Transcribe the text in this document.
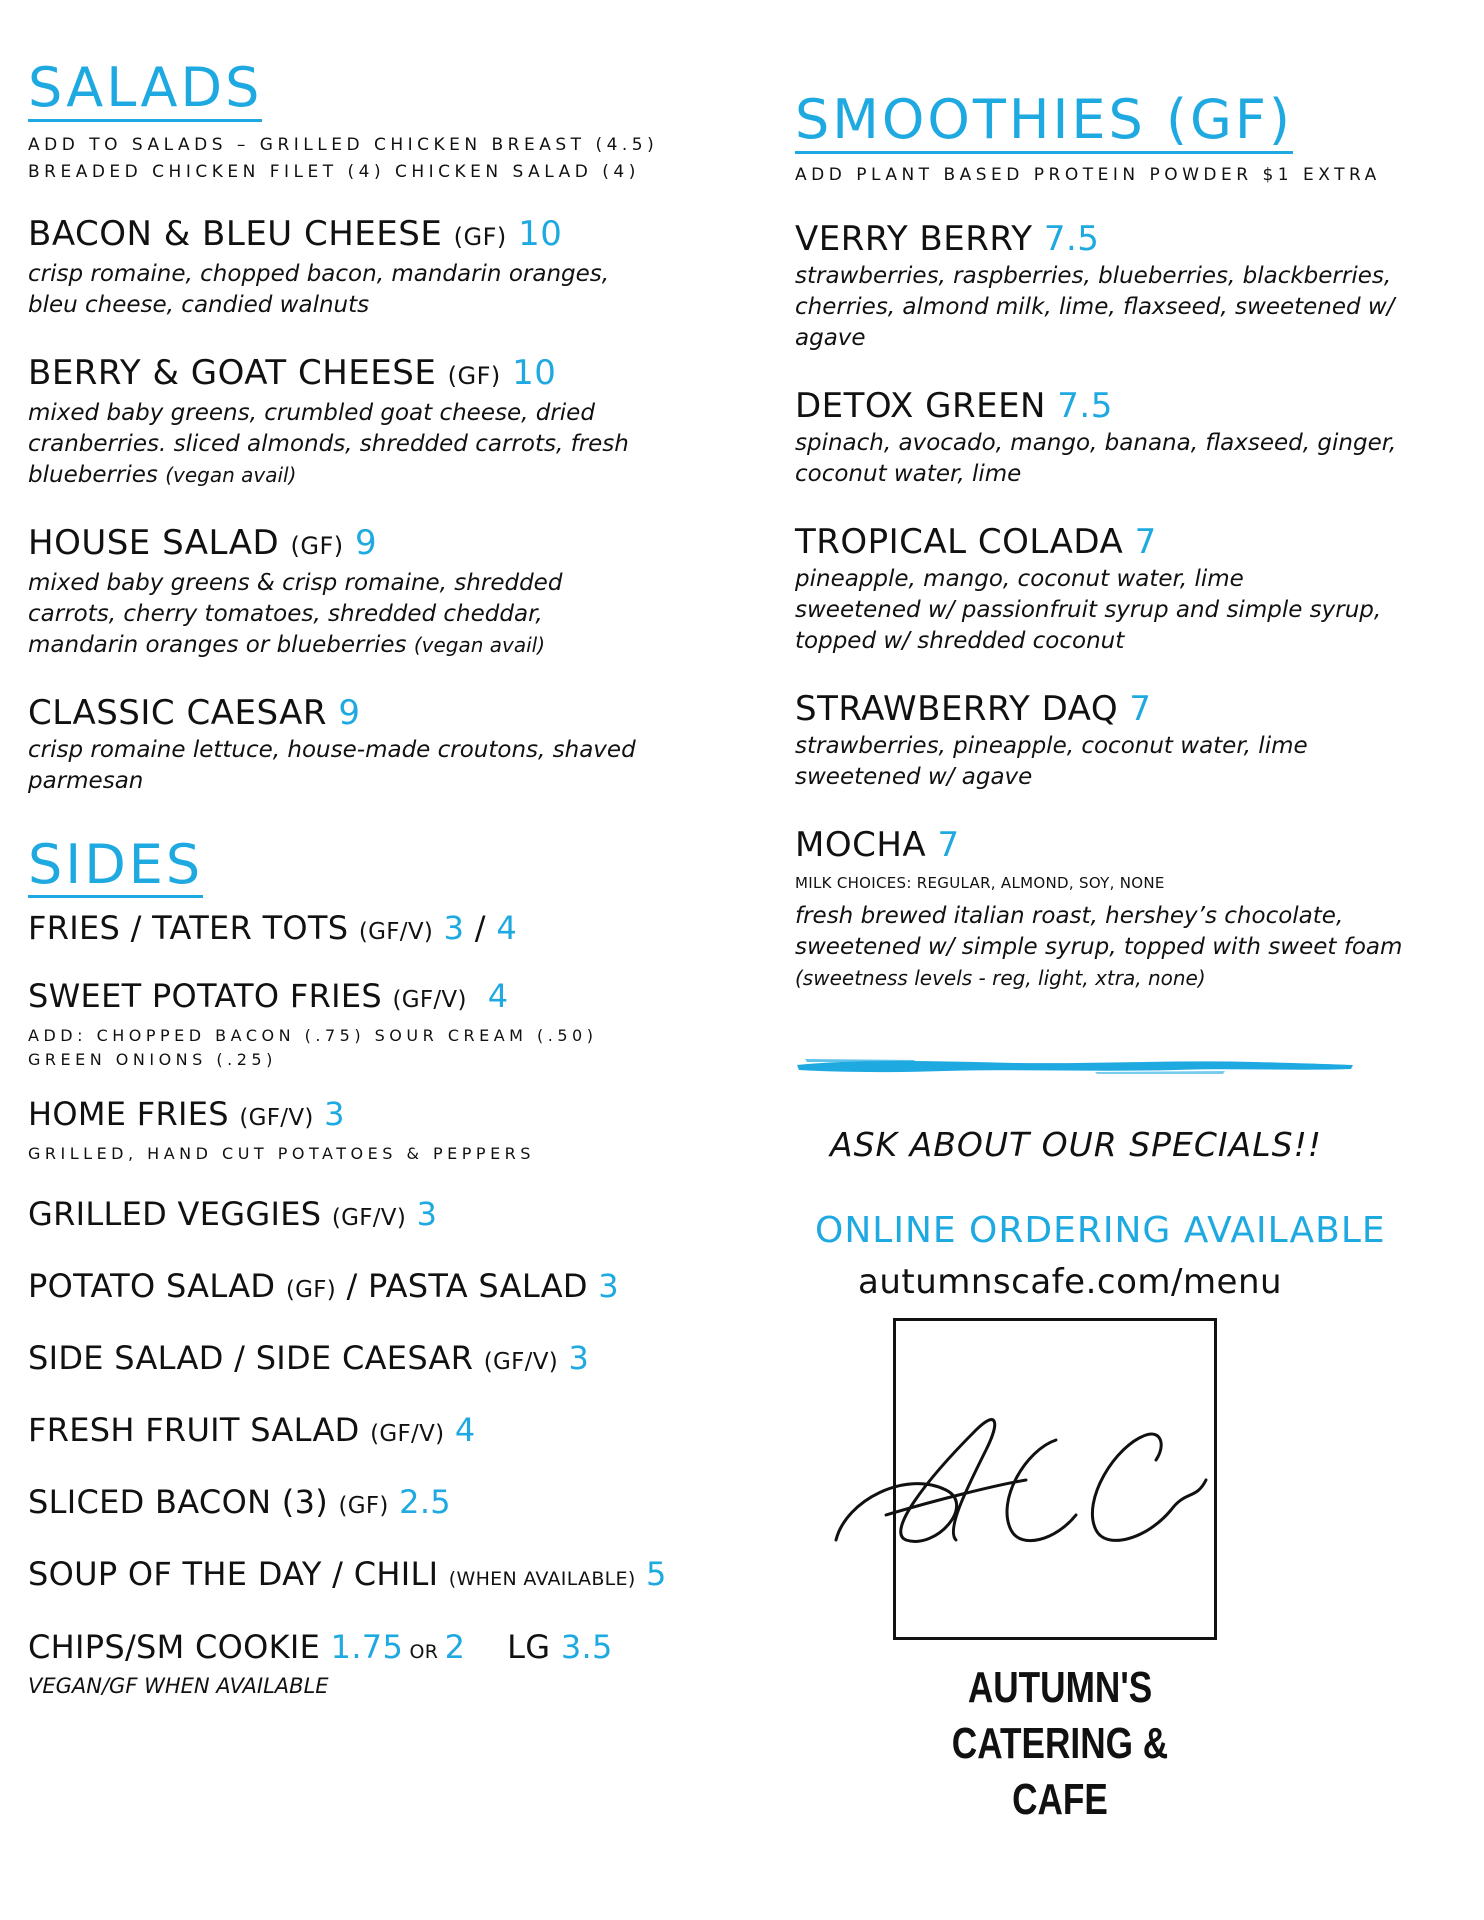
SALADS
ADD TO SALADS – GRILLED CHICKEN BREAST (4.5)
BREADED CHICKEN FILET (4) CHICKEN SALAD (4)
BACON & BLEU CHEESE (GF) 10
crisp romaine, chopped bacon, mandarin oranges,
bleu cheese, candied walnuts
BERRY & GOAT CHEESE (GF) 10
mixed baby greens, crumbled goat cheese, dried
cranberries. sliced almonds, shredded carrots, fresh
blueberries (vegan avail)
HOUSE SALAD (GF) 9
mixed baby greens & crisp romaine, shredded
carrots, cherry tomatoes, shredded cheddar,
mandarin oranges or blueberries (vegan avail)
CLASSIC CAESAR 9
crisp romaine lettuce, house-made croutons, shaved
parmesan
SIDES
FRIES / TATER TOTS (GF/V) 3 / 4
SWEET POTATO FRIES (GF/V) 4
ADD: CHOPPED BACON (.75) SOUR CREAM (.50)
GREEN ONIONS (.25)
HOME FRIES (GF/V) 3
GRILLED, HAND CUT POTATOES & PEPPERS
GRILLED VEGGIES (GF/V) 3
POTATO SALAD (GF) / PASTA SALAD 3
SIDE SALAD / SIDE CAESAR (GF/V) 3
FRESH FRUIT SALAD (GF/V) 4
SLICED BACON (3) (GF) 2.5
SOUP OF THE DAY / CHILI (WHEN AVAILABLE) 5
CHIPS/SM COOKIE 1.75 OR 2 LG 3.5
VEGAN/GF WHEN AVAILABLE
SMOOTHIES (GF)
ADD PLANT BASED PROTEIN POWDER $1 EXTRA
VERRY BERRY 7.5
strawberries, raspberries, blueberries, blackberries,
cherries, almond milk, lime, flaxseed, sweetened w/ agave
DETOX GREEN 7.5
spinach, avocado, mango, banana, flaxseed, ginger,
coconut water, lime
TROPICAL COLADA 7
pineapple, mango, coconut water, lime
sweetened w/ passionfruit syrup and simple syrup,
topped w/ shredded coconut
STRAWBERRY DAQ 7
strawberries, pineapple, coconut water, lime
sweetened w/ agave
MOCHA 7
MILK CHOICES: REGULAR, ALMOND, SOY, NONE
fresh brewed italian roast, hershey’s chocolate,
sweetened w/ simple syrup, topped with sweet foam
(sweetness levels - reg, light, xtra, none)
ASK ABOUT OUR SPECIALS!!
ONLINE ORDERING AVAILABLE
autumnscafe.com/menu
AUTUMN'S
CATERING & CAFE
